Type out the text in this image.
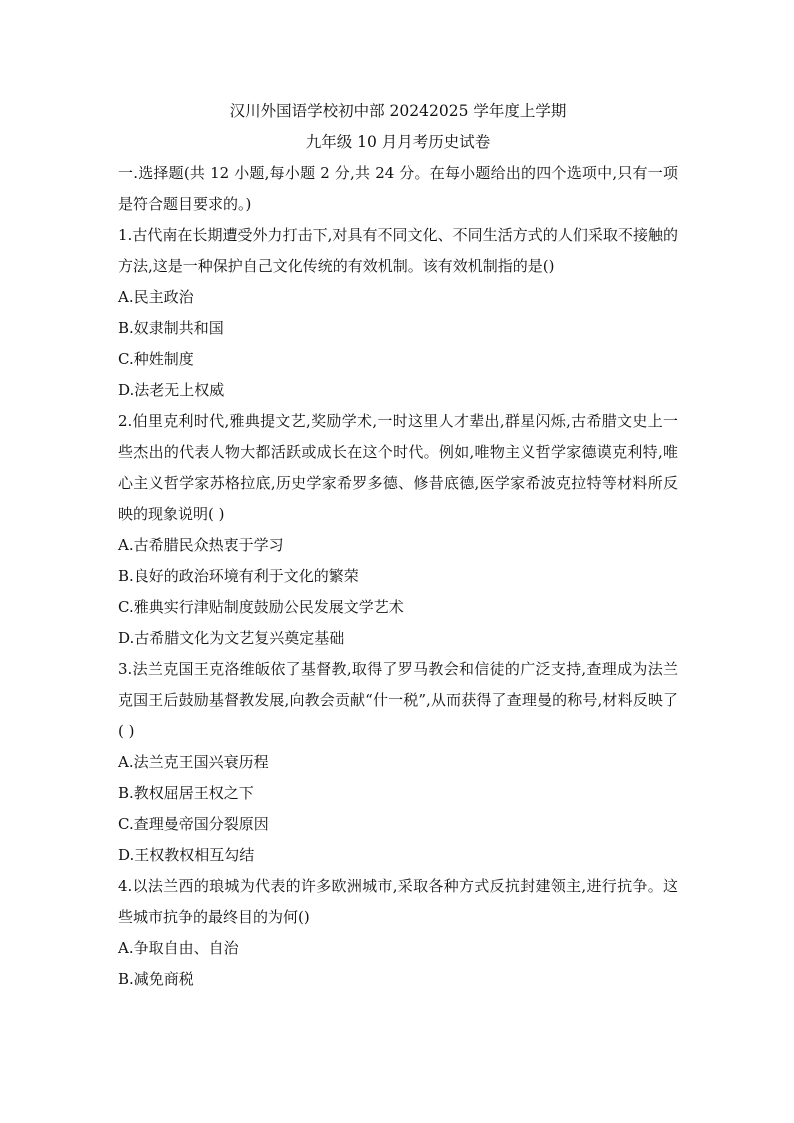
汉川外国语学校初中部 20242025 学年度上学期
九年级 10 月月考历史试卷

一.选择题(共 12 小题,每小题 2 分,共 24 分。在每小题给出的四个选项中,只有一项是符合题目要求的。)

1.古代南在长期遭受外力打击下,对具有不同文化、不同生活方式的人们采取不接触的方法,这是一种保护自己文化传统的有效机制。该有效机制指的是()

A.民主政治

B.奴隶制共和国

C.种姓制度

D.法老无上权威

2.伯里克利时代,雅典提文艺,奖励学术,一时这里人才辈出,群星闪烁,古希腊文史上一些杰出的代表人物大都活跃或成长在这个时代。例如,唯物主义哲学家德谟克利特,唯心主义哲学家苏格拉底,历史学家希罗多德、修昔底德,医学家希波克拉特等材料所反映的现象说明( )

A.古希腊民众热衷于学习

B.良好的政治环境有利于文化的繁荣

C.雅典实行津贴制度鼓励公民发展文学艺术

D.古希腊文化为文艺复兴奠定基础

3.法兰克国王克洛维皈依了基督教,取得了罗马教会和信徒的广泛支持,查理成为法兰克国王后鼓励基督教发展,向教会贡献“什一税”,从而获得了查理曼的称号,材料反映了( )

A.法兰克王国兴衰历程

B.教权屈居王权之下

C.查理曼帝国分裂原因

D.王权教权相互勾结

4.以法兰西的琅城为代表的许多欧洲城市,采取各种方式反抗封建领主,进行抗争。这些城市抗争的最终目的为何()

A.争取自由、自治

B.减免商税
